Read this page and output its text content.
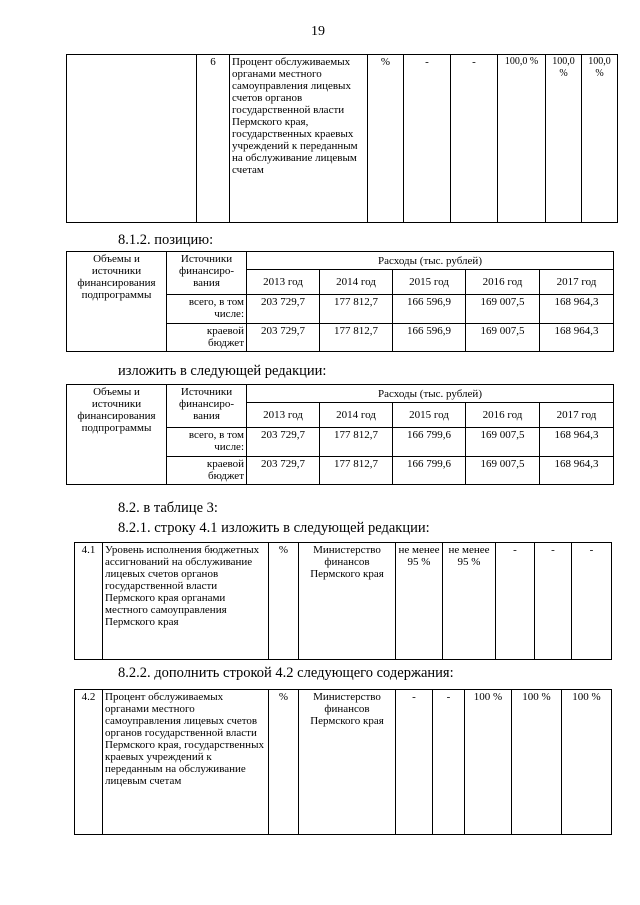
19
	6	Процент обслуживаемых органами местного самоуправления лицевых счетов органов государственной власти Пермского края, государственных краевых учреждений к переданным на обслуживание лицевым счетам	%	-	-	100,0 %	100,0 %	100,0 %
8.1.2. позицию:
Объемы и источники финансирования подпрограммы	Источники финансиро-вания	Расходы (тыс. рублей)				
		2013 год	2014 год	2015 год	2016 год	2017 год
	всего, в том числе:	203 729,7	177 812,7	166 596,9	169 007,5	168 964,3
	краевой бюджет	203 729,7	177 812,7	166 596,9	169 007,5	168 964,3
изложить в следующей редакции:
Объемы и источники финансирования подпрограммы	Источники финансиро-вания	Расходы (тыс. рублей)				
		2013 год	2014 год	2015 год	2016 год	2017 год
	всего, в том числе:	203 729,7	177 812,7	166 799,6	169 007,5	168 964,3
	краевой бюджет	203 729,7	177 812,7	166 799,6	169 007,5	168 964,3
8.2. в таблице 3:
8.2.1. строку 4.1 изложить в следующей редакции:
4.1	Уровень исполнения бюджетных ассигнований на обслуживание лицевых счетов органов государственной власти Пермского края органами местного самоуправления Пермского края	%	Министерство финансов Пермского края	не менее 95 %	не менее 95 %	-	-	-
8.2.2. дополнить строкой 4.2 следующего содержания:
4.2	Процент обслуживаемых органами местного самоуправления лицевых счетов органов государственной власти Пермского края, государственных краевых учреждений к переданным на обслуживание лицевым счетам	%	Министерство финансов Пермского края	-	-	100 %	100 %	100 %
